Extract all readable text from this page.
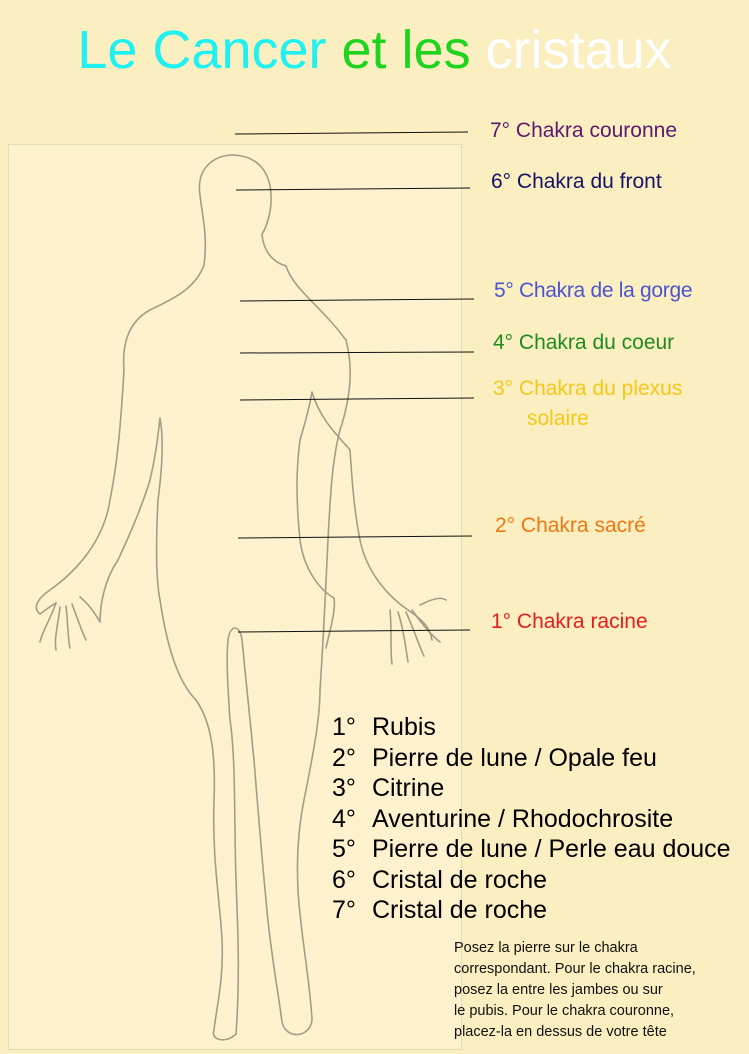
Le Cancer et les cristaux
7° Chakra couronne
6° Chakra du front
5° Chakra de la gorge
4° Chakra du coeur
3° Chakra du plexus
solaire
2° Chakra sacré
1° Chakra racine
1° Rubis
2° Pierre de lune / Opale feu
3° Citrine
4° Aventurine / Rhodochrosite
5° Pierre de lune / Perle eau douce
6° Cristal de roche
7° Cristal de roche
Posez la pierre sur le chakra
correspondant. Pour le chakra racine,
posez la entre les jambes ou sur
le pubis. Pour le chakra couronne,
placez-la en dessus de votre tête
